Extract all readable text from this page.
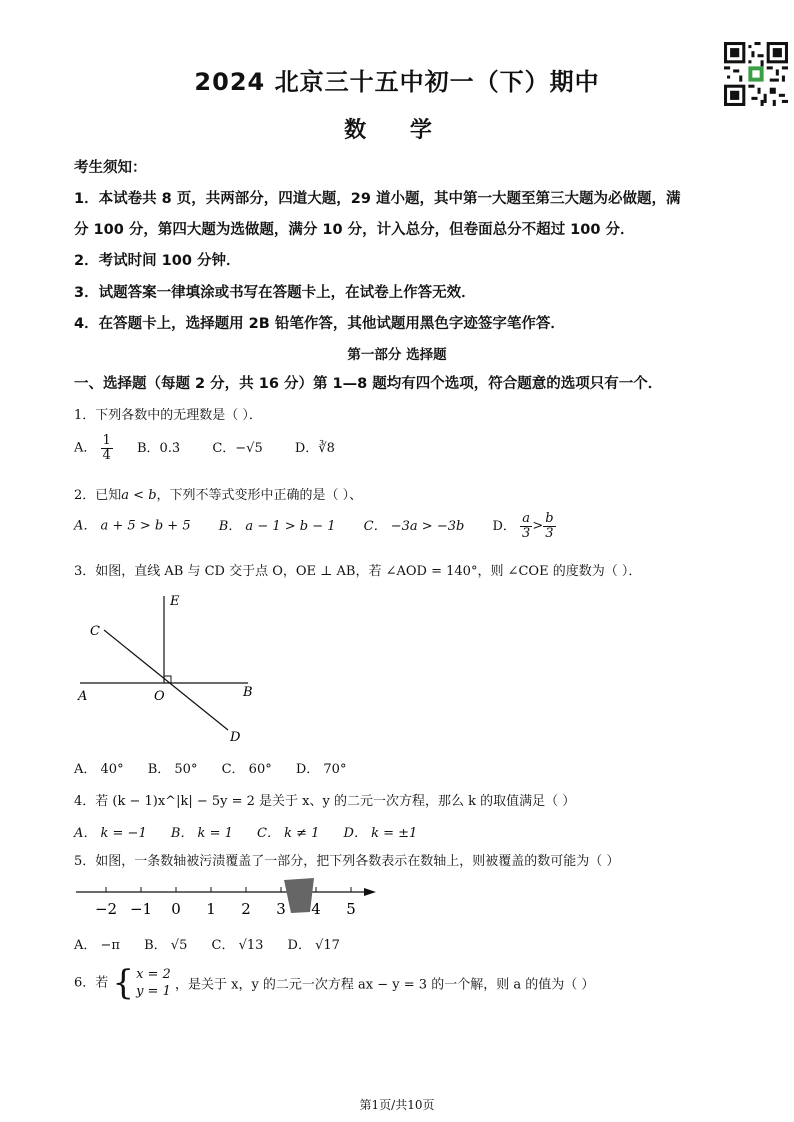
2024 北京三十五中初一（下）期中
数 学
考生须知：
1．本试卷共 8 页，共两部分，四道大题，29 道小题，其中第一大题至第三大题为必做题，满
分 100 分，第四大题为选做题，满分 10 分，计入总分，但卷面总分不超过 100 分．
2．考试时间 100 分钟．
3．试题答案一律填涂或书写在答题卡上，在试卷上作答无效．
4．在答题卡上，选择题用 2B 铅笔作答，其他试题用黑色字迹签字笔作答．
第一部分 选择题
一、选择题（每题 2 分，共 16 分）第 1—8 题均有四个选项，符合题意的选项只有一个．
1．下列各数中的无理数是（ ）．
A． $\frac{1}{4}$ B．0.3̇ C．−√5 D．∛8
2．已知a < b，下列不等式变形中正确的是（ ）、
A． a + 5 > b + 5 B． a − 1 > b − 1 C． −3a > −3b D． $\frac{a}{3} > \frac{b}{3}$
3．如图，直线 AB 与 CD 交于点 O，OE ⊥ AB，若 ∠AOD = 140°，则 ∠COE 的度数为（ ）．
E
C
A	O	B
D
A． 40° B． 50° C． 60° D． 70°
4．若 (k − 1)x^|k| − 5y = 2 是关于 x、y 的二元一次方程，那么 k 的取值满足（ ）
A． k = −1 B． k = 1 C． k ≠ 1 D． k = ±1
5．如图，一条数轴被污渍覆盖了一部分，把下列各数表示在数轴上，则被覆盖的数可能为（ ）
−2 −1 0 1 2 3 4 5
A． −π B． √5 C． √13 D． √17
6．若 { x = 2
y = 1 ，是关于 x，y 的二元一次方程 ax − y = 3 的一个解，则 a 的值为（ ）
第1页/共10页
